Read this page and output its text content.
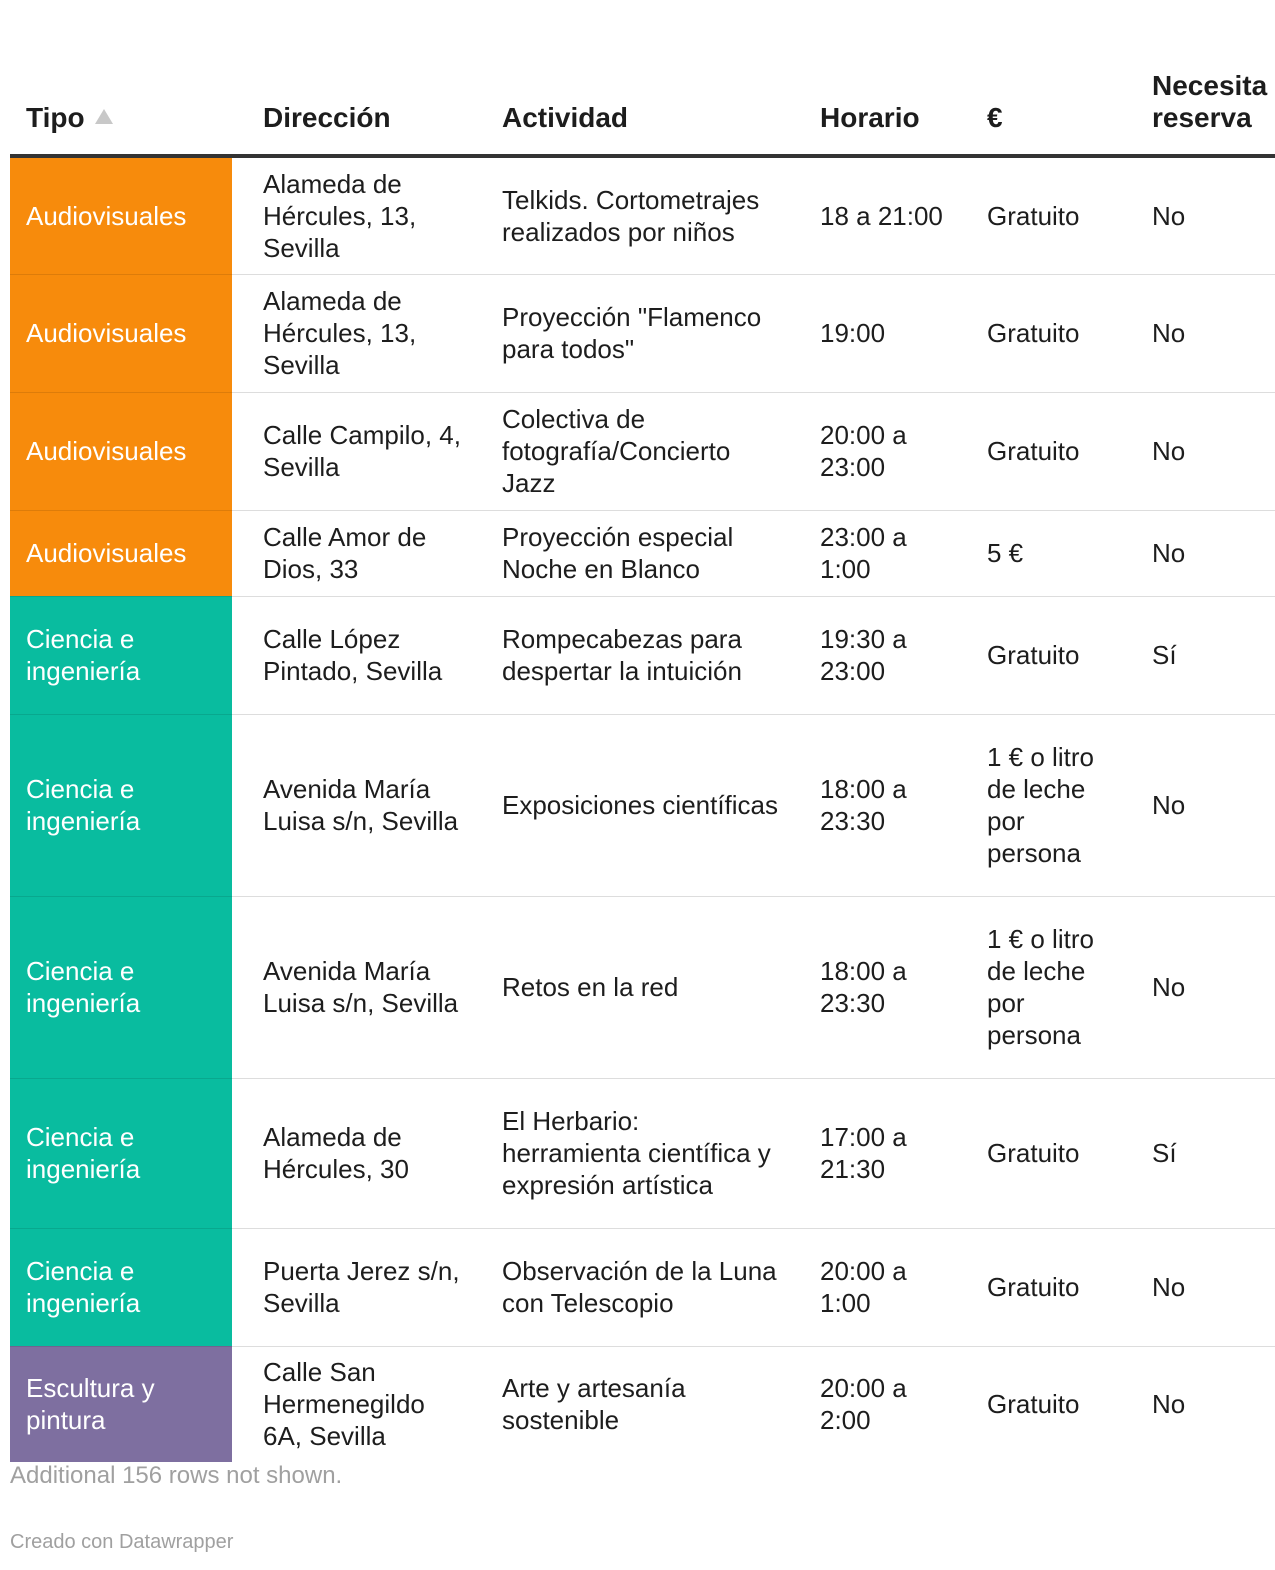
Tipo	Dirección	Actividad	Horario	€	Necesita reserva
Audiovisuales	Alameda de Hércules, 13, Sevilla	Telkids. Cortometrajes realizados por niños	18 a 21:00	Gratuito	No
Audiovisuales	Alameda de Hércules, 13, Sevilla	Proyección "Flamenco para todos"	19:00	Gratuito	No
Audiovisuales	Calle Campilo, 4, Sevilla	Colectiva de fotografía/Concierto Jazz	20:00 a 23:00	Gratuito	No
Audiovisuales	Calle Amor de Dios, 33	Proyección especial Noche en Blanco	23:00 a 1:00	5 €	No
Ciencia e ingeniería	Calle López Pintado, Sevilla	Rompecabezas para despertar la intuición	19:30 a 23:00	Gratuito	Sí
Ciencia e ingeniería	Avenida María Luisa s/n, Sevilla	Exposiciones científicas	18:00 a 23:30	1 € o litro de leche por persona	No
Ciencia e ingeniería	Avenida María Luisa s/n, Sevilla	Retos en la red	18:00 a 23:30	1 € o litro de leche por persona	No
Ciencia e ingeniería	Alameda de Hércules, 30	El Herbario: herramienta científica y expresión artística	17:00 a 21:30	Gratuito	Sí
Ciencia e ingeniería	Puerta Jerez s/n, Sevilla	Observación de la Luna con Telescopio	20:00 a 1:00	Gratuito	No
Escultura y pintura	Calle San Hermenegildo 6A, Sevilla	Arte y artesanía sostenible	20:00 a 2:00	Gratuito	No
Additional 156 rows not shown.
Creado con Datawrapper
